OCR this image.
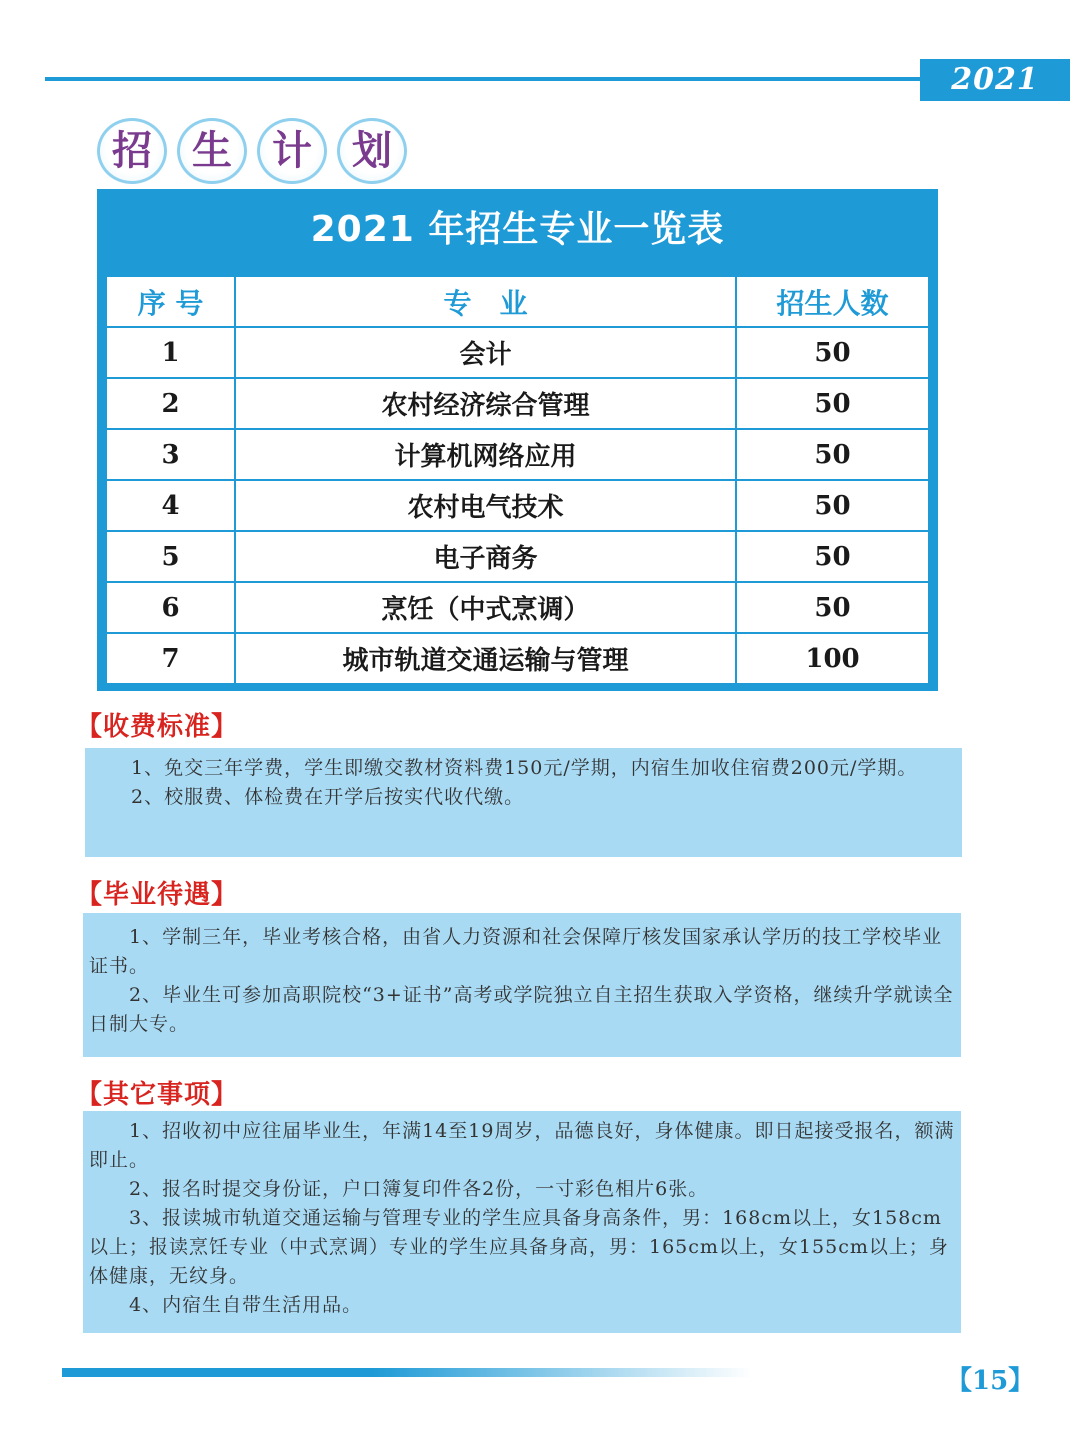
2021
招	生	计	划
2021 年招生专业一览表
序 号	专　业	招生人数
1	会计	50
2	农村经济综合管理	50
3	计算机网络应用	50
4	农村电气技术	50
5	电子商务	50
6	烹饪（中式烹调）	50
7	城市轨道交通运输与管理	100
【收费标准】

1、免交三年学费，学生即缴交教材资料费150元/学期，内宿生加收住宿费200元/学期。

2、校服费、体检费在开学后按实代收代缴。

【毕业待遇】

1、学制三年，毕业考核合格，由省人力资源和社会保障厅核发国家承认学历的技工学校毕业证书。

2、毕业生可参加高职院校“3+证书”高考或学院独立自主招生获取入学资格，继续升学就读全日制大专。

【其它事项】

1、招收初中应往届毕业生，年满14至19周岁，品德良好，身体健康。即日起接受报名，额满即止。

2、报名时提交身份证，户口簿复印件各2份，一寸彩色相片6张。

3、报读城市轨道交通运输与管理专业的学生应具备身高条件，男：168cm以上，女158cm以上；报读烹饪专业（中式烹调）专业的学生应具备身高，男：165cm以上，女155cm以上；身体健康，无纹身。

4、内宿生自带生活用品。

【15】
